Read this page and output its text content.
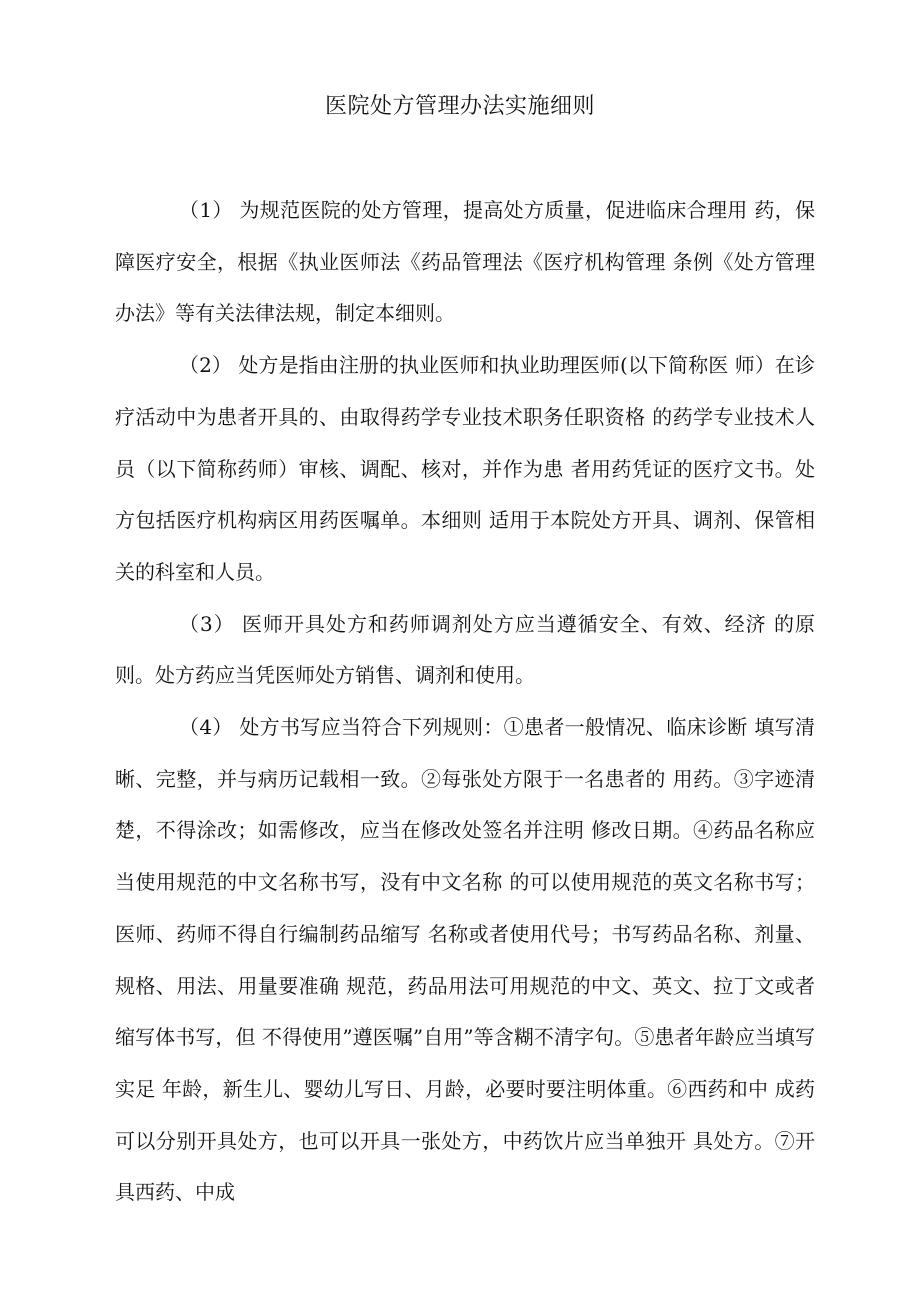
医院处方管理办法实施细则

（1） 为规范医院的处方管理，提高处方质量，促进临床合理用 药，保障医疗安全，根据《执业医师法《药品管理法《医疗机构管理 条例《处方管理办法》等有关法律法规，制定本细则。

（2） 处方是指由注册的执业医师和执业助理医师(以下简称医 师）在诊疗活动中为患者开具的、由取得药学专业技术职务任职资格 的药学专业技术人员（以下简称药师）审核、调配、核对，并作为患 者用药凭证的医疗文书。处方包括医疗机构病区用药医嘱单。本细则 适用于本院处方开具、调剂、保管相关的科室和人员。

（3） 医师开具处方和药师调剂处方应当遵循安全、有效、经济 的原则。处方药应当凭医师处方销售、调剂和使用。

（4） 处方书写应当符合下列规则：①患者一般情况、临床诊断 填写清晰、完整，并与病历记载相一致。②每张处方限于一名患者的 用药。③字迹清楚，不得涂改；如需修改，应当在修改处签名并注明 修改日期。④药品名称应当使用规范的中文名称书写，没有中文名称 的可以使用规范的英文名称书写；医师、药师不得自行编制药品缩写 名称或者使用代号；书写药品名称、剂量、规格、用法、用量要准确 规范，药品用法可用规范的中文、英文、拉丁文或者缩写体书写，但 不得使用”遵医嘱”自用”等含糊不清字句。⑤患者年龄应当填写实足 年龄，新生儿、婴幼儿写日、月龄，必要时要注明体重。⑥西药和中 成药可以分别开具处方，也可以开具一张处方，中药饮片应当单独开 具处方。⑦开具西药、中成
